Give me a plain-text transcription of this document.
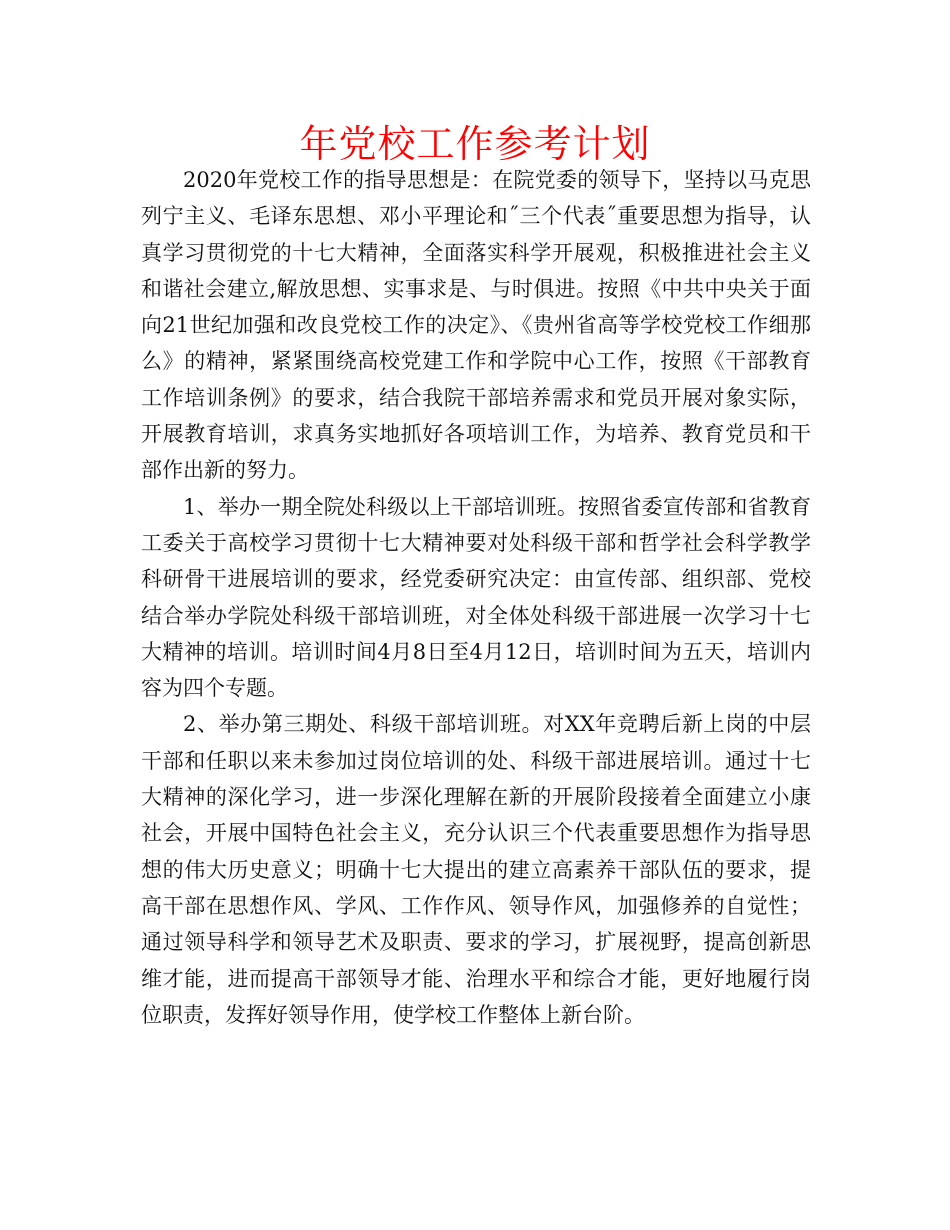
年党校工作参考计划

2020年党校工作的指导思想是：在院党委的领导下，坚持以马克思列宁主义、毛译东思想、邓小平理论和˝三个代表˝重要思想为指导，认真学习贯彻党的十七大精神，全面落实科学开展观，积极推进社会主义和谐社会建立,解放思想、实事求是、与时俱进。按照《中共中央关于面向21世纪加强和改良党校工作的决定》、《贵州省高等学校党校工作细那么》的精神，紧紧围绕高校党建工作和学院中心工作，按照《干部教育工作培训条例》的要求，结合我院干部培养需求和党员开展对象实际，开展教育培训，求真务实地抓好各项培训工作，为培养、教育党员和干部作出新的努力。

1、举办一期全院处科级以上干部培训班。按照省委宣传部和省教育工委关于高校学习贯彻十七大精神要对处科级干部和哲学社会科学教学科研骨干进展培训的要求，经党委研究决定：由宣传部、组织部、党校结合举办学院处科级干部培训班，对全体处科级干部进展一次学习十七大精神的培训。培训时间4月8日至4月12日，培训时间为五天，培训内容为四个专题。

2、举办第三期处、科级干部培训班。对XX年竞聘后新上岗的中层干部和任职以来未参加过岗位培训的处、科级干部进展培训。通过十七大精神的深化学习，进一步深化理解在新的开展阶段接着全面建立小康社会，开展中国特色社会主义，充分认识三个代表重要思想作为指导思想的伟大历史意义；明确十七大提出的建立高素养干部队伍的要求，提高干部在思想作风、学风、工作作风、领导作风，加强修养的自觉性；通过领导科学和领导艺术及职责、要求的学习，扩展视野，提高创新思维才能，进而提高干部领导才能、治理水平和综合才能，更好地履行岗位职责，发挥好领导作用，使学校工作整体上新台阶。
